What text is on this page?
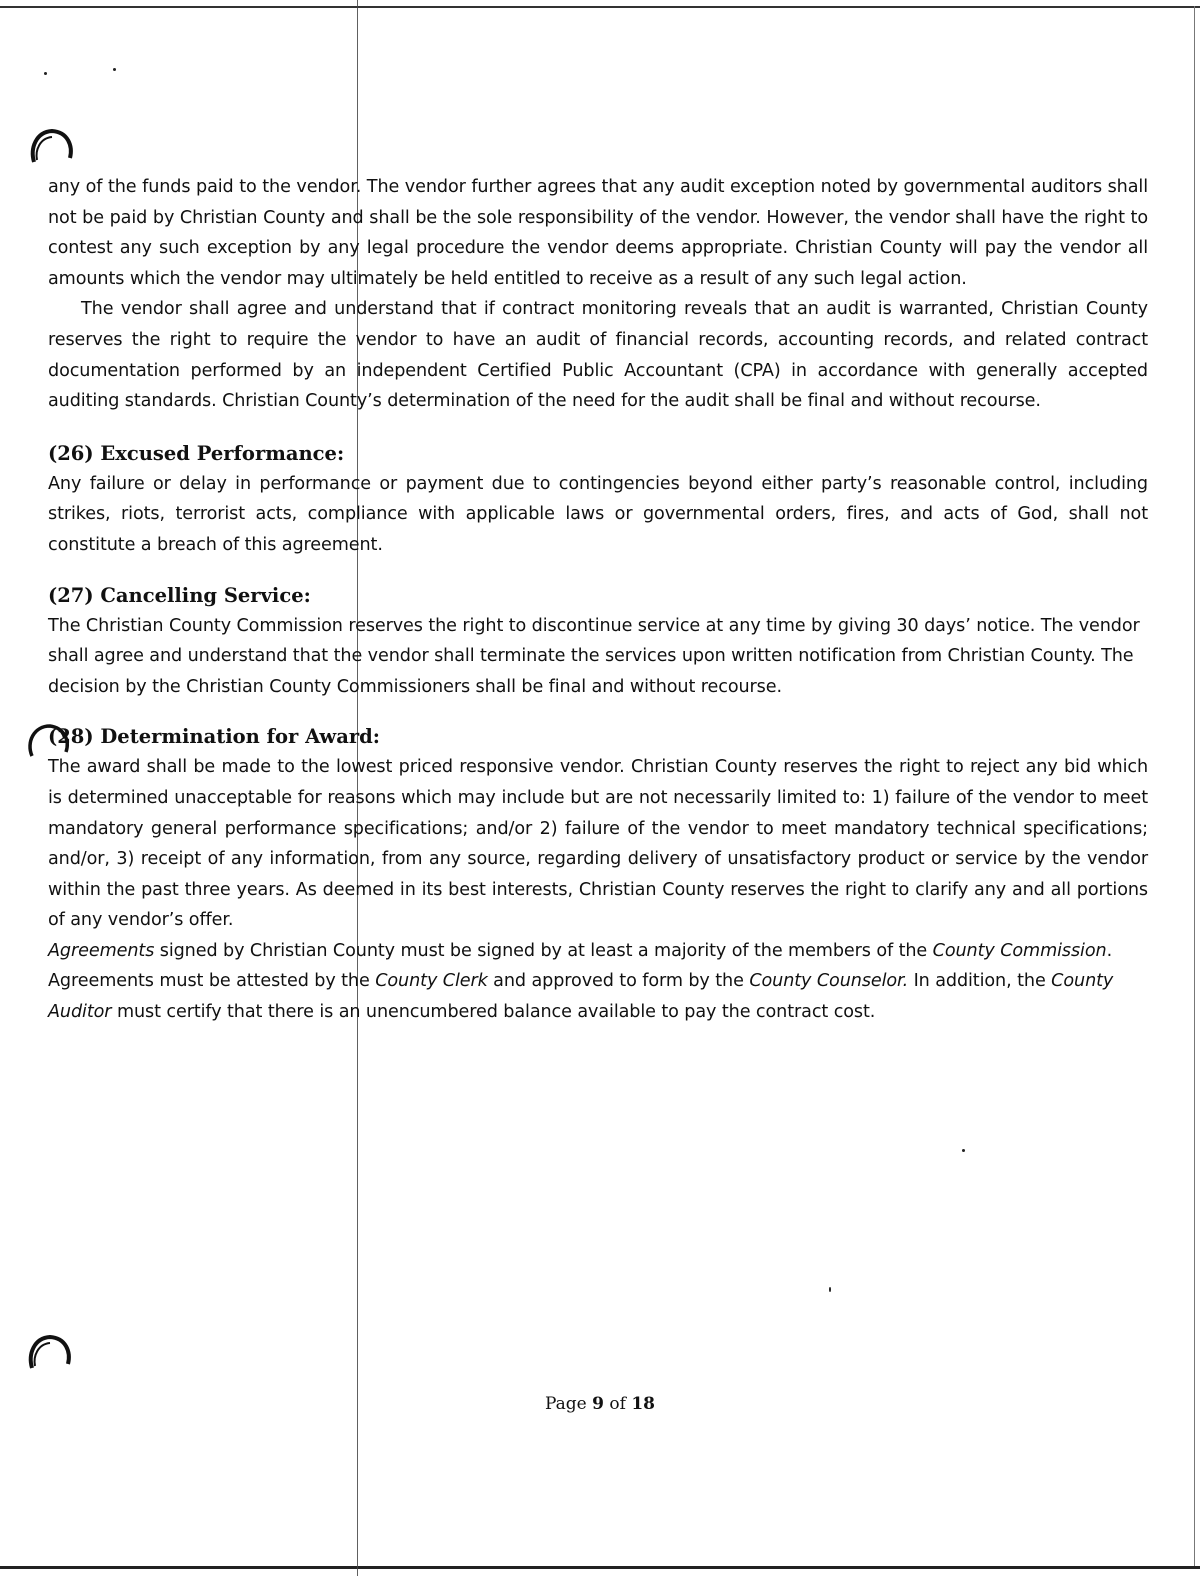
any of the funds paid to the vendor. The vendor further agrees that any audit exception noted by governmental auditors shall not be paid by Christian County and shall be the sole responsibility of the vendor. However, the vendor shall have the right to contest any such exception by any legal procedure the vendor deems appropriate. Christian County will pay the vendor all amounts which the vendor may ultimately be held entitled to receive as a result of any such legal action.

The vendor shall agree and understand that if contract monitoring reveals that an audit is warranted, Christian County reserves the right to require the vendor to have an audit of financial records, accounting records, and related contract documentation performed by an independent Certified Public Accountant (CPA) in accordance with generally accepted auditing standards. Christian County’s determination of the need for the audit shall be final and without recourse.

(26) Excused Performance:

Any failure or delay in performance or payment due to contingencies beyond either party’s reasonable control, including strikes, riots, terrorist acts, compliance with applicable laws or governmental orders, fires, and acts of God, shall not constitute a breach of this agreement.

(27) Cancelling Service:

The Christian County Commission reserves the right to discontinue service at any time by giving 30 days’ notice. The vendor shall agree and understand that the vendor shall terminate the services upon written notification from Christian County. The decision by the Christian County Commissioners shall be final and without recourse.

(28) Determination for Award:

The award shall be made to the lowest priced responsive vendor. Christian County reserves the right to reject any bid which is determined unacceptable for reasons which may include but are not necessarily limited to: 1) failure of the vendor to meet mandatory general performance specifications; and/or 2) failure of the vendor to meet mandatory technical specifications; and/or, 3) receipt of any information, from any source, regarding delivery of unsatisfactory product or service by the vendor within the past three years. As deemed in its best interests, Christian County reserves the right to clarify any and all portions of any vendor’s offer.

Agreements signed by Christian County must be signed by at least a majority of the members of the County Commission. Agreements must be attested by the County Clerk and approved to form by the County Counselor. In addition, the County Auditor must certify that there is an unencumbered balance available to pay the contract cost.

Page 9 of 18
